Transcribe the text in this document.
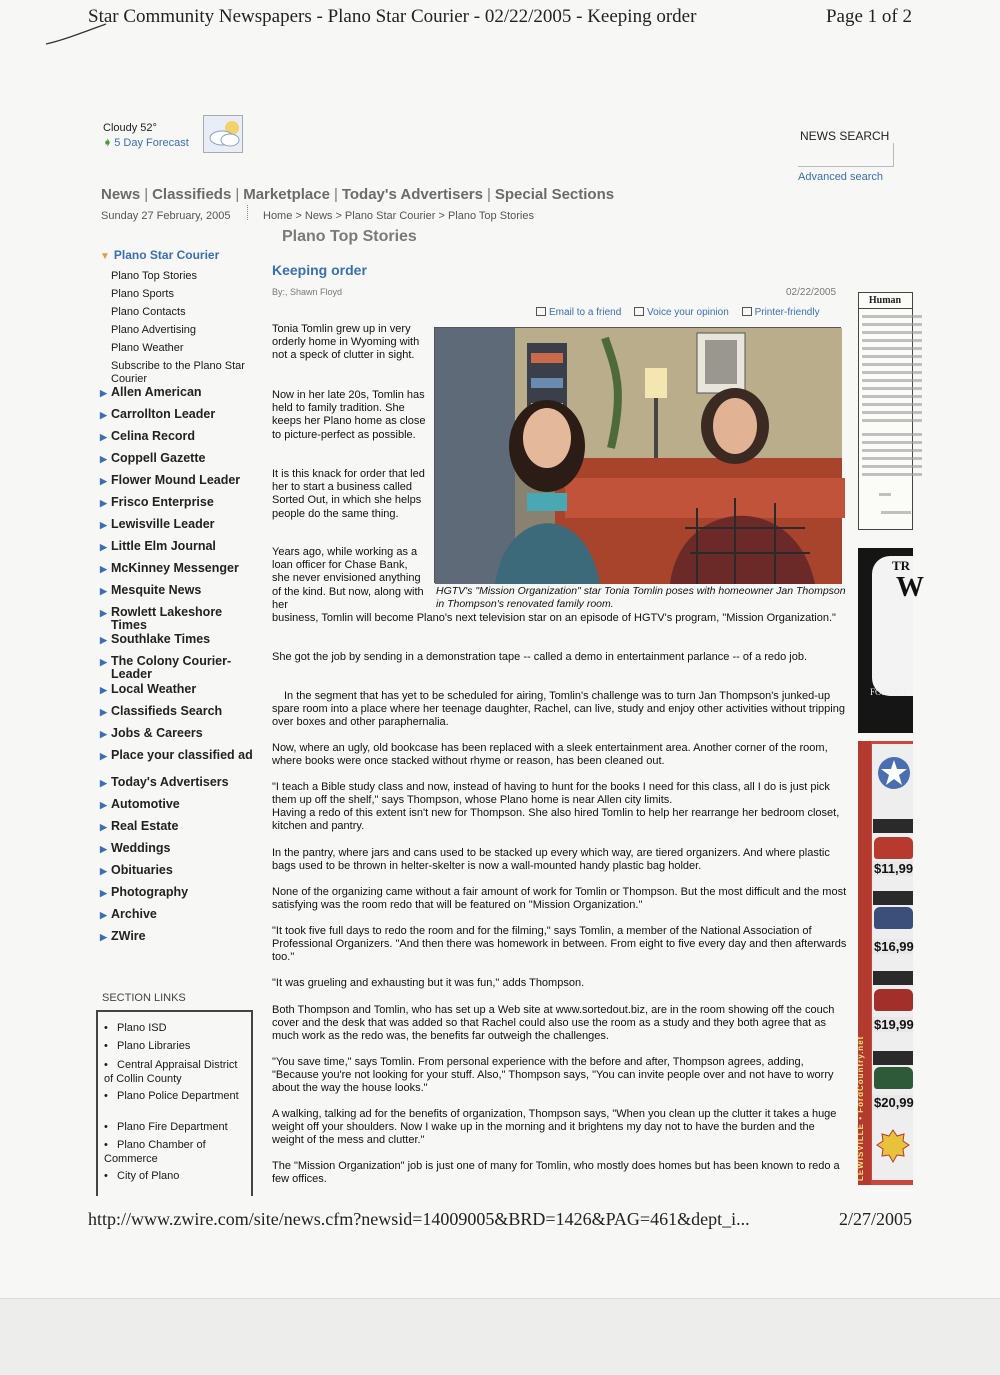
Star Community Newspapers - Plano Star Courier - 02/22/2005 - Keeping order	Page 1 of 2
Cloudy 52°
➧ 5 Day Forecast	NEWS SEARCH
Advanced search
News | Classifieds | Marketplace | Today's Advertisers | Special Sections
Sunday 27 February, 2005	Home > News > Plano Star Courier > Plano Top Stories
▼ Plano Star Courier
Plano Top Stories
Plano Sports
Plano Contacts
Plano Advertising
Plano Weather
Subscribe to the Plano Star Courier
▶ Allen American
▶ Carrollton Leader
▶ Celina Record
▶ Coppell Gazette
▶ Flower Mound Leader
▶ Frisco Enterprise
▶ Lewisville Leader
▶ Little Elm Journal
▶ McKinney Messenger
▶ Mesquite News
▶ Rowlett Lakeshore Times
▶ Southlake Times
▶ The Colony Courier-Leader
▶ Local Weather
▶ Classifieds Search
▶ Jobs & Careers
▶ Place your classified ad
▶ Today's Advertisers
▶ Automotive
▶ Real Estate
▶ Weddings
▶ Obituaries
▶ Photography
▶ Archive
▶ ZWire
SECTION LINKS
•   Plano ISD
•   Plano Libraries
•   Central Appraisal District of Collin County
•   Plano Police Department
•   Plano Fire Department
•   Plano Chamber of Commerce
•   City of Plano
Plano Top Stories
Keeping order
By:, Shawn Floyd	02/22/2005
Email to a friend	Voice your opinion	Printer-friendly
Tonia Tomlin grew up in very orderly home in Wyoming with not a speck of clutter in sight.
Now in her late 20s, Tomlin has held to family tradition. She keeps her Plano home as close to picture-perfect as possible.
It is this knack for order that led her to start a business called Sorted Out, in which she helps people do the same thing.
Years ago, while working as a loan officer for Chase Bank, she never envisioned anything of the kind. But now, along with her
business, Tomlin will become Plano's next television star on an episode of HGTV's program, "Mission Organization."
HGTV's "Mission Organization" star Tonia Tomlin poses with homeowner Jan Thompson in Thompson's renovated family room.
She got the job by sending in a demonstration tape -- called a demo in entertainment parlance -- of a redo job.
In the segment that has yet to be scheduled for airing, Tomlin's challenge was to turn Jan Thompson's junked-up spare room into a place where her teenage daughter, Rachel, can live, study and enjoy other activities without tripping over boxes and other paraphernalia.
Now, where an ugly, old bookcase has been replaced with a sleek entertainment area. Another corner of the room, where books were once stacked without rhyme or reason, has been cleaned out.
"I teach a Bible study class and now, instead of having to hunt for the books I need for this class, all I do is just pick them up off the shelf," says Thompson, whose Plano home is near Allen city limits.
Having a redo of this extent isn't new for Thompson. She also hired Tomlin to help her rearrange her bedroom closet, kitchen and pantry.
In the pantry, where jars and cans used to be stacked up every which way, are tiered organizers. And where plastic bags used to be thrown in helter-skelter is now a wall-mounted handy plastic bag holder.
None of the organizing came without a fair amount of work for Tomlin or Thompson. But the most difficult and the most satisfying was the room redo that will be featured on "Mission Organization."
"It took five full days to redo the room and for the filming," says Tomlin, a member of the National Association of Professional Organizers. "And then there was homework in between. From eight to five every day and then afterwards too."
"It was grueling and exhausting but it was fun," adds Thompson.
Both Thompson and Tomlin, who has set up a Web site at www.sortedout.biz, are in the room showing off the couch cover and the desk that was added so that Rachel could also use the room as a study and they both agree that as much work as the redo was, the benefits far outweigh the challenges.
"You save time," says Tomlin. From personal experience with the before and after, Thompson agrees, adding, "Because you're not looking for your stuff. Also," Thompson says, "You can invite people over and not have to worry about the way the house looks."
A walking, talking ad for the benefits of organization, Thompson says, "When you clean up the clutter it takes a huge weight off your shoulders. Now I wake up in the morning and it brightens my day not to have the burden and the weight of the mess and clutter."
The "Mission Organization" job is just one of many for Tomlin, who mostly does homes but has been known to redo a few offices.
Human
TR
W
FOR DET
LEWISVILLE • FordCountry.net
$11,99
$16,99
$19,99
$20,99
http://www.zwire.com/site/news.cfm?newsid=14009005&BRD=1426&PAG=461&dept_i...	2/27/2005
